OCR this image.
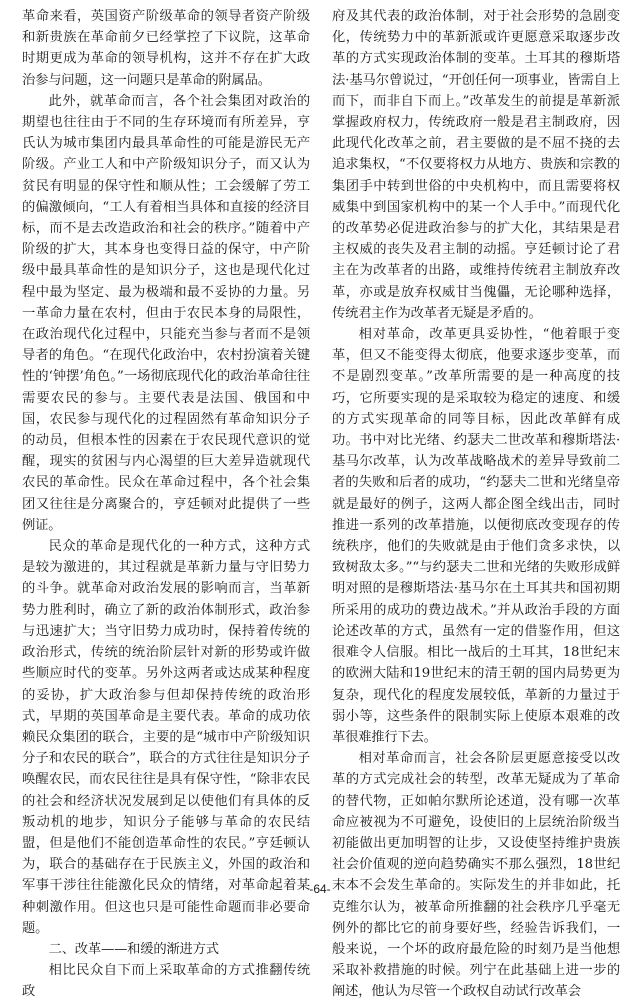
革命来看，英国资产阶级革命的领导者资产阶级和新贵族在革命前夕已经掌控了下议院，这革命时期更成为革命的领导机构，这并不存在扩大政治参与问题，这一问题只是革命的附属品。

此外，就革命而言，各个社会集团对政治的期望也往往由于不同的生存环境而有所差异，亨氏认为城市集团内最具革命性的可能是游民无产阶级。产业工人和中产阶级知识分子，而又认为贫民有明显的保守性和顺从性；工会缓解了劳工的偏激倾向，“工人有着相当具体和直接的经济目标，而不是去改造政治和社会的秩序。”随着中产阶级的扩大，其本身也变得日益的保守，中产阶级中最具革命性的是知识分子，这也是现代化过程中最为坚定、最为极端和最不妥协的力量。另一革命力量在农村，但由于农民本身的局限性，在政治现代化过程中，只能充当参与者而不是领导者的角色。“在现代化政治中，农村扮演着关键性的‘钟摆’角色。”一场彻底现代化的政治革命往往需要农民的参与。主要代表是法国、俄国和中国，农民参与现代化的过程固然有革命知识分子的动员，但根本性的因素在于农民现代意识的觉醒，现实的贫困与内心渴望的巨大差异造就现代农民的革命性。民众在革命过程中，各个社会集团又往往是分离聚合的，亨廷顿对此提供了一些例证。

民众的革命是现代化的一种方式，这种方式是较为激进的，其过程就是革新力量与守旧势力的斗争。就革命对政治发展的影响而言，当革新势力胜利时，确立了新的政治体制形式，政治参与迅速扩大；当守旧势力成功时，保持着传统的政治形式，传统的统治阶层针对新的形势或许做些顺应时代的变革。另外这两者或达成某种程度的妥协，扩大政治参与但却保持传统的政治形式，早期的英国革命是主要代表。革命的成功依赖民众集团的联合，主要的是“城市中产阶级知识分子和农民的联合”，联合的方式往往是知识分子唤醒农民，而农民往往是具有保守性，“除非农民的社会和经济状况发展到足以使他们有具体的反叛动机的地步，知识分子能够与革命的农民结盟，但是他们不能创造革命性的农民。”亨廷顿认为，联合的基础存在于民族主义，外国的政治和军事干涉往往能激化民众的情绪，对革命起着某种刺激作用。但这也只是可能性命题而非必要命题。

二、改革——和缓的渐进方式

相比民众自下而上采取革命的方式推翻传统政

府及其代表的政治体制，对于社会形势的急剧变化，传统势力中的革新派或许更愿意采取逐步改革的方式实现政治体制的变革。土耳其的穆斯塔法·基马尔曾说过，“开创任何一项事业，皆需自上而下，而非自下而上。”改革发生的前提是革新派掌握政府权力，传统政府一般是君主制政府，因此现代化改革之前，君主要做的是不屈不挠的去追求集权，“不仅要将权力从地方、贵族和宗教的集团手中转到世俗的中央机构中，而且需要将权威集中到国家机构中的某一个人手中。”而现代化的改革势必促进政治参与的扩大化，其结果是君主权威的丧失及君主制的动摇。亨廷顿讨论了君主在为改革者的出路，或维持传统君主制放弃改革，亦或是放弃权威甘当傀儡，无论哪种选择，传统君主作为改革者无疑是矛盾的。

相对革命，改革更具妥协性，“他着眼于变革，但又不能变得太彻底，他要求逐步变革，而不是剧烈变革。”改革所需要的是一种高度的技巧，它所要实现的是采取较为稳定的速度、和缓的方式实现革命的同等目标，因此改革鲜有成功。书中对比光绪、约瑟夫二世改革和穆斯塔法·基马尔改革，认为改革战略战术的差异导致前二者的失败和后者的成功，“约瑟夫二世和光绪皇帝就是最好的例子，这两人都企图全线出击，同时推进一系列的改革措施，以便彻底改变现存的传统秩序，他们的失败就是由于他们贪多求快，以致树敌太多。”“与约瑟夫二世和光绪的失败形成鲜明对照的是穆斯塔法·基马尔在土耳其共和国初期所采用的成功的费边战术。”并从政治手段的方面论述改革的方式，虽然有一定的借鉴作用，但这很难令人信服。相比一战后的土耳其，18世纪末的欧洲大陆和19世纪末的清王朝的国内局势更为复杂，现代化的程度发展较低，革新的力量过于弱小等，这些条件的限制实际上使原本艰难的改革很难推行下去。

相对革命而言，社会各阶层更愿意接受以改革的方式完成社会的转型，改革无疑成为了革命的替代物，正如帕尔默所论述道，没有哪一次革命应被视为不可避免，设使旧的上层统治阶级当初能做出更加明智的让步，又设使坚持维护贵族社会价值观的逆向趋势确实不那么强烈，18世纪末本不会发生革命的。实际发生的并非如此，托克维尔认为，被革命所推翻的社会秩序几乎毫无例外的都比它的前身要好些，经验告诉我们，一般来说，一个坏的政府最危险的时刻乃是当他想采取补救措施的时候。列宁在此基础上进一步的阐述，他认为尽管一个政权自动试行改革会

-64-
